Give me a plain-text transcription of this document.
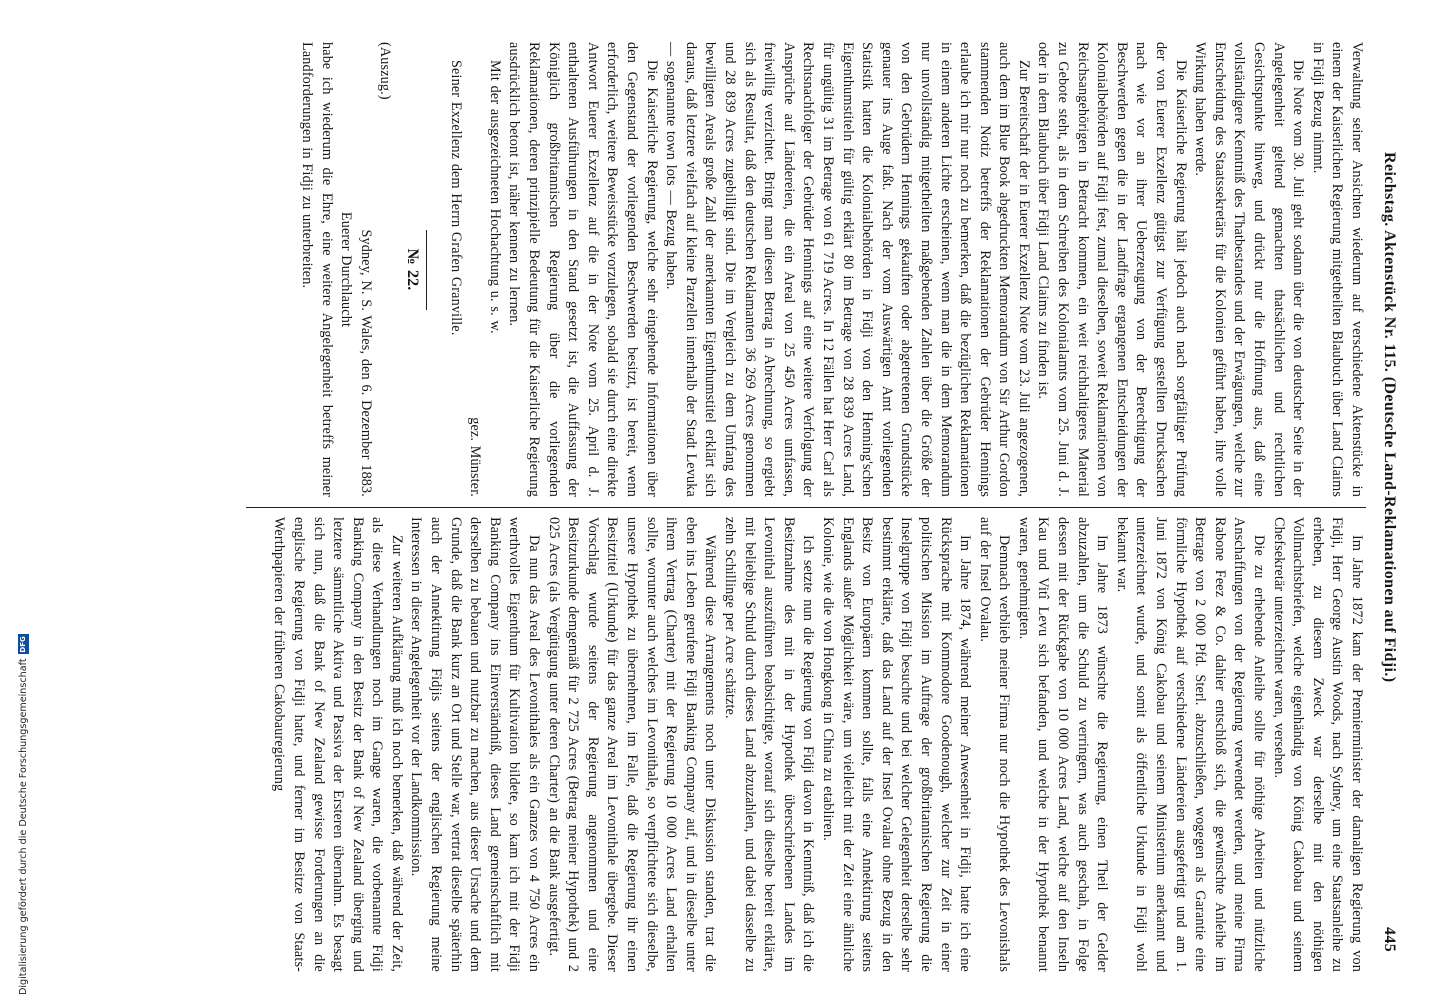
Reichstag. Aktenstück Nr. 115. (Deutsche Land-Reklamationen auf Fidji.)
445

Verwaltung seiner Ansichten wiederum auf verschiedene Aktenstücke in einem der Kaiserlichen Regierung mitgetheilten Blaubuch über Land Claims in Fidji Bezug nimmt.

Die Note vom 30. Juli geht sodann über die von deutscher Seite in der Angelegenheit geltend gemachten thatsächlichen und rechtlichen Gesichtspunkte hinweg, und drückt nur die Hoffnung aus, daß eine vollständigere Kenntniß des Thatbestandes und der Erwägungen, welche zur Entscheidung des Staatssekretärs für die Kolonien geführt haben, ihre volle Wirkung haben werde.

Die Kaiserliche Regierung hält jedoch auch nach sorgfältiger Prüfung der von Euerer Exzellenz gütigst zur Verfügung gestellten Drucksachen nach wie vor an ihrer Ueberzeugung von der Berechtigung der Beschwerden gegen die in der Landfrage ergangenen Entscheidungen der Kolonialbehörden auf Fidji fest, zumal dieselben, soweit Reklamationen von Reichsangehörigen in Betracht kommen, ein weit reichhaltigeres Material zu Gebote steht, als in dem Schreiben des Kolonialamts vom 25. Juni d. J. oder in dem Blaubuch über Fidji Land Claims zu finden ist.

Zur Bereitschaft der in Euerer Exzellenz Note vom 23. Juli angezogenen, auch dem im Blue Book abgedruckten Memorandum von Sir Arthur Gordon stammenden Notiz betreffs der Reklamationen der Gebrüder Hennings erlaube ich mir nur noch zu bemerken, daß die bezüglichen Reklamationen in einem anderen Lichte erscheinen, wenn man die in dem Memorandum nur unvollständig mitgetheilten maßgebenden Zahlen über die Größe der von den Gebrüdern Hennings gekauften oder abgetretenen Grundstücke genauer ins Auge faßt. Nach der vom Auswärtigen Amt vorliegenden Statistik hatten die Kolonialbehörden in Fidji von den Henning'schen Eigenthumstiteln für gültig erklärt 80 im Betrage von 28 839 Acres Land, für ungültig 31 im Betrage von 61 719 Acres. In 12 Fällen hat Herr Carl als Rechtsnachfolger der Gebrüder Hennings auf eine weitere Verfolgung der Ansprüche auf Ländereien, die ein Areal von 25 450 Acres umfassen, freiwillig verzichtet. Bringt man diesen Betrag in Abrechnung, so ergiebt sich als Resultat, daß den deutschen Reklamanten 36 269 Acres genommen und 28 839 Acres zugebilligt sind. Die im Vergleich zu dem Umfang des bewilligten Areals große Zahl der anerkannten Eigenthumstitel erklärt sich daraus, daß letztere vielfach auf kleine Parzellen innerhalb der Stadt Levuka — sogenannte town lots — Bezug haben.

Die Kaiserliche Regierung, welche sehr eingehende Informationen über den Gegenstand der vorliegenden Beschwerden besitzt, ist bereit, wenn erforderlich, weitere Beweisstücke vorzulegen, sobald sie durch eine direkte Antwort Euerer Exzellenz auf die in der Note vom 25. April d. J. enthaltenen Ausführungen in den Stand gesetzt ist, die Auffassung der Königlich großbritannischen Regierung über die vorliegenden Reklamationen, deren prinzipielle Bedeutung für die Kaiserliche Regierung ausdrücklich betont ist, näher kennen zu lernen.

Mit der ausgezeichneten Hochachtung u. s. w.

gez. Münster.

Seiner Exzellenz dem Herrn Grafen Granville.

№ 22.

(Auszug.)

Sydney, N. S. Wales, den 6. Dezember 1883.

Euerer Durchlaucht

habe ich wiederum die Ehre, eine weitere Angelegenheit betreffs meiner Landforderungen in Fidji zu unterbreiten.

Im Jahre 1872 kam der Premierminister der damaligen Regierung von Fidji, Herr George Austin Woods, nach Sydney, um eine Staatsanleihe zu erheben, zu diesem Zweck war derselbe mit den nöthigen Vollmachtsbriefen, welche eigenhändig von König Cakobau und seinem Chefsekretär unterzeichnet waren, versehen.

Die zu erhebende Anleihe sollte für nöthige Arbeiten und nützliche Anschaffungen von der Regierung verwendet werden, und meine Firma Rabone Feez & Co. dahier entschloß sich, die gewünschte Anleihe im Betrage von 2 000 Pfd. Sterl. abzuschließen, wogegen als Garantie eine förmliche Hypothek auf verschiedene Ländereien ausgefertigt und am 1. Juni 1872 von König Cakobau und seinem Ministerium anerkannt und unterzeichnet wurde, und somit als öffentliche Urkunde in Fidji wohl bekannt war.

Im Jahre 1873 wünschte die Regierung, einen Theil der Gelder abzuzahlen, um die Schuld zu verringern, was auch geschah, in Folge dessen mit der Rückgabe von 10 000 Acres Land, welche auf den Inseln Kau und Vitî Levu sich befanden, und welche in der Hypothek benannt waren, genehmigten.

Demnach verblieb meiner Firma nur noch die Hypothek des Levonishals auf der Insel Ovalau.

Im Jahre 1874, während meiner Anwesenheit in Fidji, hatte ich eine Rücksprache mit Kommodore Goodenough, welcher zur Zeit in einer politischen Mission im Auftrage der großbritannischen Regierung die Inselgruppe von Fidji besuchte und bei welcher Gelegenheit derselbe sehr bestimmt erklärte, daß das Land auf der Insel Ovalau ohne Bezug in den Besitz von Europäern kommen sollte, falls eine Annektirung seitens Englands außer Möglichkeit wäre, um vielleicht mit der Zeit eine ähnliche Kolonie, wie die von Hongkong in China zu etabliren.

Ich setzte nun die Regierung von Fidji davon in Kenntniß, daß ich die Besitznahme des mit in der Hypothek überschriebenen Landes im Levonithal auszuführen beabsichtigte, worauf sich dieselbe bereit erklärte, mit beliebige Schuld durch dieses Land abzuzahlen, und dabei dasselbe zu zehn Schillinge per Acre schätzte.

Während diese Arrangements noch unter Diskussion standen, trat die eben ins Leben gerufene Fidji Banking Company auf, und in dieselbe unter ihrem Vertrag (Charter) mit der Regierung 10 000 Acres Land erhalten sollte, worunter auch welches im Levonithale, so verpflichtete sich dieselbe, unsere Hypothek zu übernehmen, im Falle, daß die Regierung ihr einen Besitztitel (Urkunde) für das ganze Areal im Levonithale übergebe. Dieser Vorschlag wurde seitens der Regierung angenommen und eine Besitzurkunde demgemäß für 2 725 Acres (Betrag meiner Hypothek) und 2 025 Acres (als Vergütigung unter deren Charter) an die Bank ausgefertigt.

Da nun das Areal des Levonithales als ein Ganzes von 4 750 Acres ein werthvolles Eigenthum für Kultivation bildete, so kam ich mit der Fidji Banking Company ins Einverständniß, dieses Land gemeinschaftlich mit derselben zu bebauen und nutzbar zu machen, aus dieser Ursache und dem Grunde, daß die Bank kurz an Ort und Stelle war, vertrat dieselbe späterhin auch der Annektirung Fidjis seitens der englischen Regierung meine Interessen in dieser Angelegenheit vor der Landkommission.

Zur weiteren Aufklärung muß ich noch bemerken, daß während der Zeit, als diese Verhandlungen noch im Gange waren, die vorbenannte Fidji Banking Company in den Besitz der Bank of New Zealand überging und letztere sämmtliche Aktiva und Passiva der Ersteren übernahm. Es besagt sich nun, daß die Bank of New Zealand gewisse Forderungen an die englische Regierung von Fidji hatte, und ferner im Besitze von Staats-Werthpapieren der früheren Cakobauregierung

Digitalisierung gefördert durch die Deutsche Forschungsgemeinschaft
DFG
